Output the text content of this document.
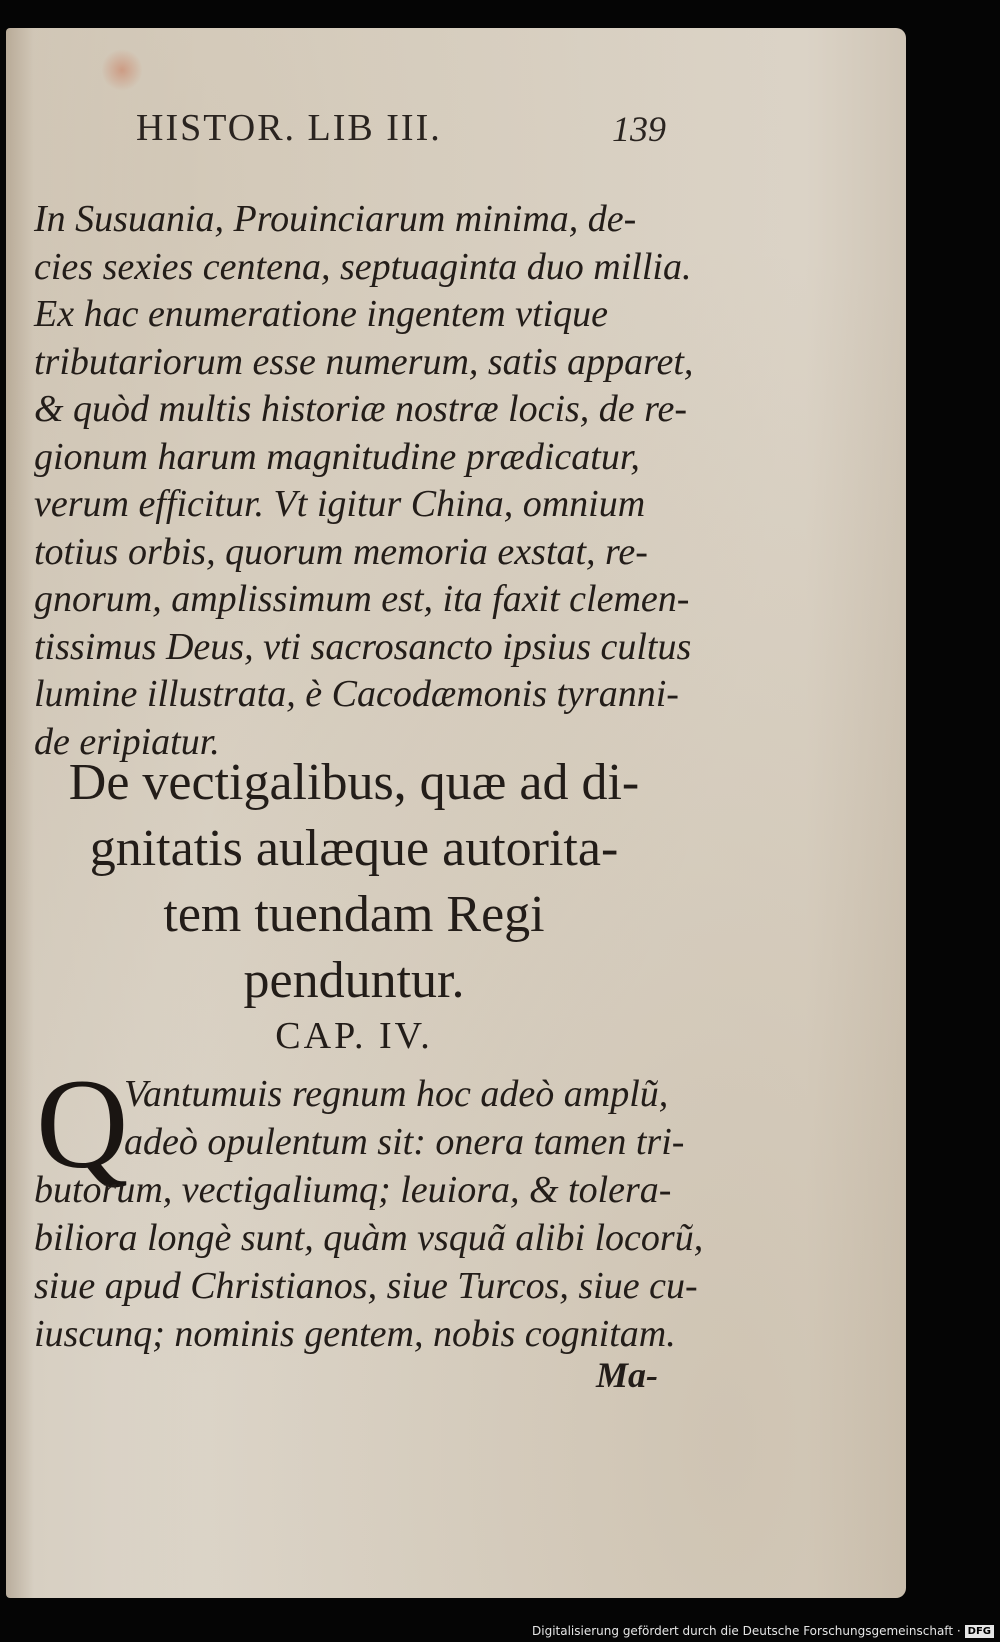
HISTOR. LIB III.	139
In Susuania, Prouinciarum minima, de-
cies sexies centena, septuaginta duo millia.
Ex hac enumeratione ingentem vtique
tributariorum esse numerum, satis apparet,
& quòd multis historiæ nostræ locis, de re-
gionum harum magnitudine prædicatur,
verum efficitur. Vt igitur China, omnium
totius orbis, quorum memoria exstat, re-
gnorum, amplissimum est, ita faxit clemen-
tissimus Deus, vti sacrosancto ipsius cultus
lumine illustrata, è Cacodæmonis tyranni-
de eripiatur.
De vectigalibus, quæ ad di-
gnitatis aulæque autorita-
tem tuendam Regi
penduntur.
CAP. IV.
Q
Vantumuis regnum hoc adeò amplũ,
adeò opulentum sit: onera tamen tri-
butorum, vectigaliumq; leuiora, & tolera-
biliora longè sunt, quàm vsquã alibi locorũ,
siue apud Christianos, siue Turcos, siue cu-
iuscunq; nominis gentem, nobis cognitam.
Ma-
Digitalisierung gefördert durch die Deutsche Forschungsgemeinschaft · DFG
